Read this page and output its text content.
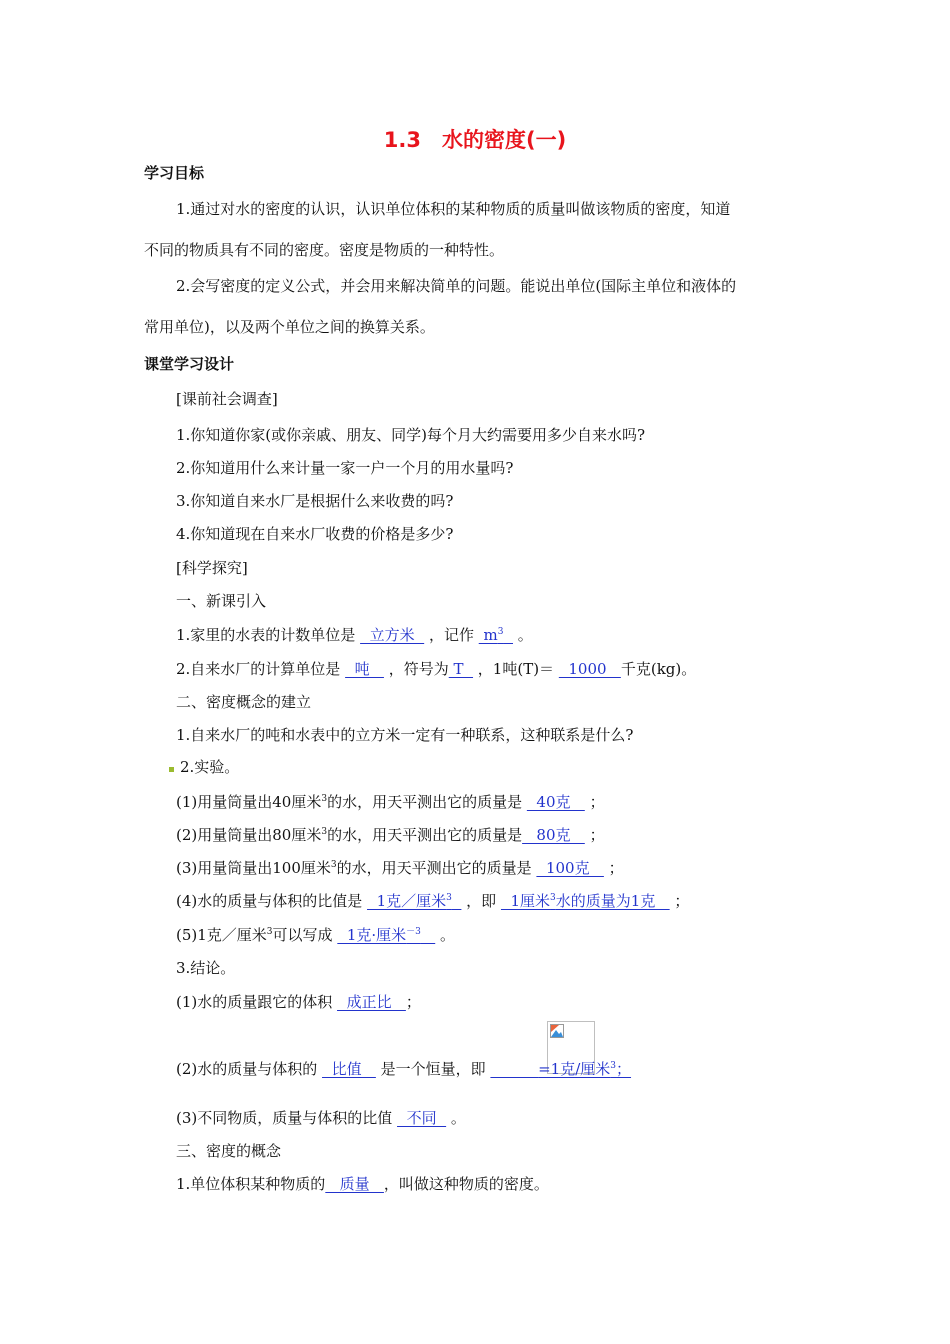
1.3　水的密度(一)
学习目标
1.通过对水的密度的认识，认识单位体积的某种物质的质量叫做该物质的密度，知道
不同的物质具有不同的密度。密度是物质的一种特性。
2.会写密度的定义公式，并会用来解决简单的问题。能说出单位(国际主单位和液体的
常用单位)，以及两个单位之间的换算关系。
课堂学习设计
[课前社会调查]
1.你知道你家(或你亲戚、朋友、同学)每个月大约需要用多少自来水吗?
2.你知道用什么来计量一家一户一个月的用水量吗?
3.你知道自来水厂是根据什么来收费的吗?
4.你知道现在自来水厂收费的价格是多少?
[科学探究]
一、新课引入
1.家里的水表的计数单位是   立方米   ，记作  $m^3$   。
2.自来水厂的计算单位是   吨    ，符号为 T   ，1吨(T)＝   1000   千克(kg)。
二、密度概念的建立
1.自来水厂的吨和水表中的立方米一定有一种联系，这种联系是什么?
2.实验。
(1)用量筒量出40厘米$^3$的水，用天平测出它的质量是   40克    ；
(2)用量筒量出80厘米$^3$的水，用天平测出它的质量是   80克    ；
(3)用量筒量出100厘米$^3$的水，用天平测出它的质量是   100克    ；
(4)水的质量与体积的比值是   1克／厘米$^3$   ，即   1厘米$^3$水的质量为1克    ；
(5)1克／厘米$^3$可以写成   1克·厘米$^{-3}$    。
3.结论。
(1)水的质量跟它的体积   成正比   ；
(2)水的质量与体积的   比值    是一个恒量，即	=1克/厘米$^3$；
(3)不同物质，质量与体积的比值   不同   。
三、密度的概念
1.单位体积某种物质的   质量   ，叫做这种物质的密度。
